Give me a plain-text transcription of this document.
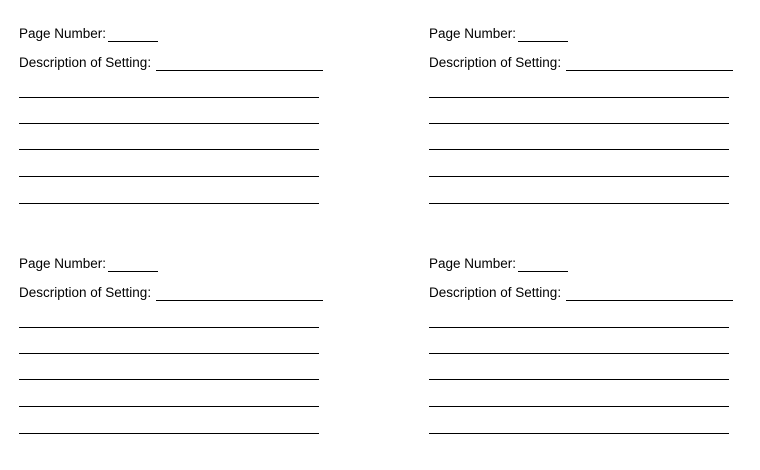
Page Number:
Description of Setting:
Page Number:
Description of Setting:
Page Number:
Description of Setting:
Page Number:
Description of Setting:
